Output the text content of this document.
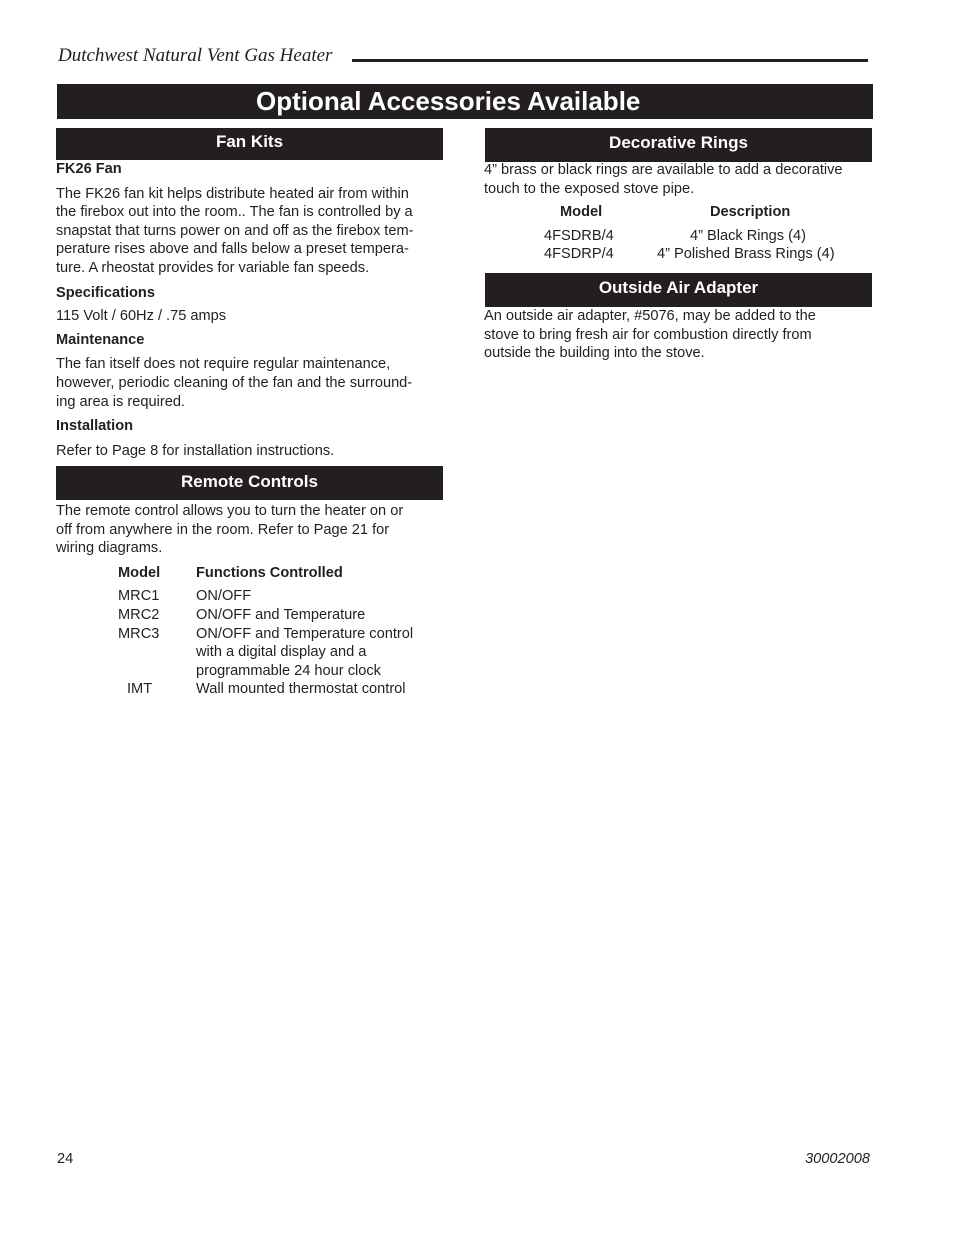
Dutchwest Natural Vent Gas Heater
Optional Accessories Available
Fan Kits

FK26 Fan

The FK26 fan kit helps distribute heated air from within

the firebox out into the room.. The fan is controlled by a

snapstat that turns power on and off as the firebox tem-

perature rises above and falls below a preset tempera-

ture. A rheostat provides for variable fan speeds.

Specifications

115 Volt / 60Hz / .75 amps

Maintenance

The fan itself does not require regular maintenance,

however, periodic cleaning of the fan and the surround-

ing area is required.

Installation

Refer to Page 8 for installation instructions.

Remote Controls

The remote control allows you to turn the heater on or

off from anywhere in the room. Refer to Page 21 for

wiring diagrams.

Model	Functions Controlled
MRC1	ON/OFF
MRC2	ON/OFF and Temperature
MRC3	ON/OFF and Temperature control
with a digital display and a
programmable 24 hour clock

IMT	Wall mounted thermostat control
Decorative Rings

4” brass or black rings are available to add a decorative

touch to the exposed stove pipe.

Model	Description
4FSDRB/4	4” Black Rings (4)
4FSDRP/4	4” Polished Brass Rings (4)
Outside Air Adapter

An outside air adapter, #5076, may be added to the

stove to bring fresh air for combustion directly from

outside the building into the stove.

24	30002008
